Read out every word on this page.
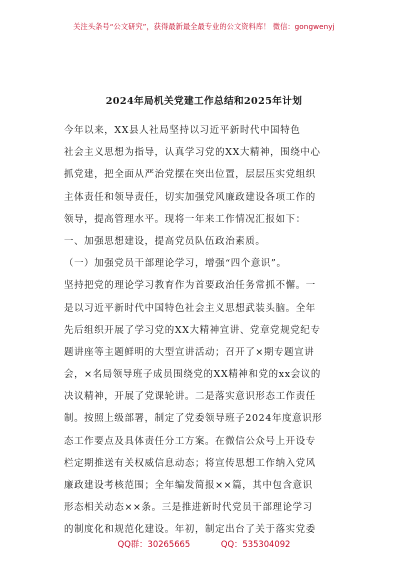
关注头条号“公文研究”，获得最新最全最专业的公文资料库！ 微信：gongwenyj
2024年局机关党建工作总结和2025年计划
今年以来，XX县人社局坚持以习近平新时代中国特色
社会主义思想为指导，认真学习党的XX大精神，围绕中心
抓党建，把全面从严治党摆在突出位置，层层压实党组织
主体责任和领导责任，切实加强党风廉政建设各项工作的
领导，提高管理水平。现将一年来工作情况汇报如下：
一、加强思想建设，提高党员队伍政治素质。
（一）加强党员干部理论学习，增强“四个意识”。
坚持把党的理论学习教育作为首要政治任务常抓不懈。一
是以习近平新时代中国特色社会主义思想武装头脑。全年
先后组织开展了学习党的XX大精神宣讲、党章党规党纪专
题讲座等主题鲜明的大型宣讲活动；召开了×期专题宣讲
会，×名局领导班子成员围绕党的XX精神和党的xx会议的
决议精神，开展了党课轮讲。二是落实意识形态工作责任
制。按照上级部署，制定了党委领导班子2024年度意识形
态工作要点及具体责任分工方案。在微信公众号上开设专
栏定期推送有关权威信息动态；将宣传思想工作纳入党风
廉政建设考核范围；全年编发简报××篇，其中包含意识
形态相关动态××条。三是推进新时代党员干部理论学习
的制度化和规范化建设。年初，制定出台了关于落实党委
QQ群：30265665	QQ：535304092
